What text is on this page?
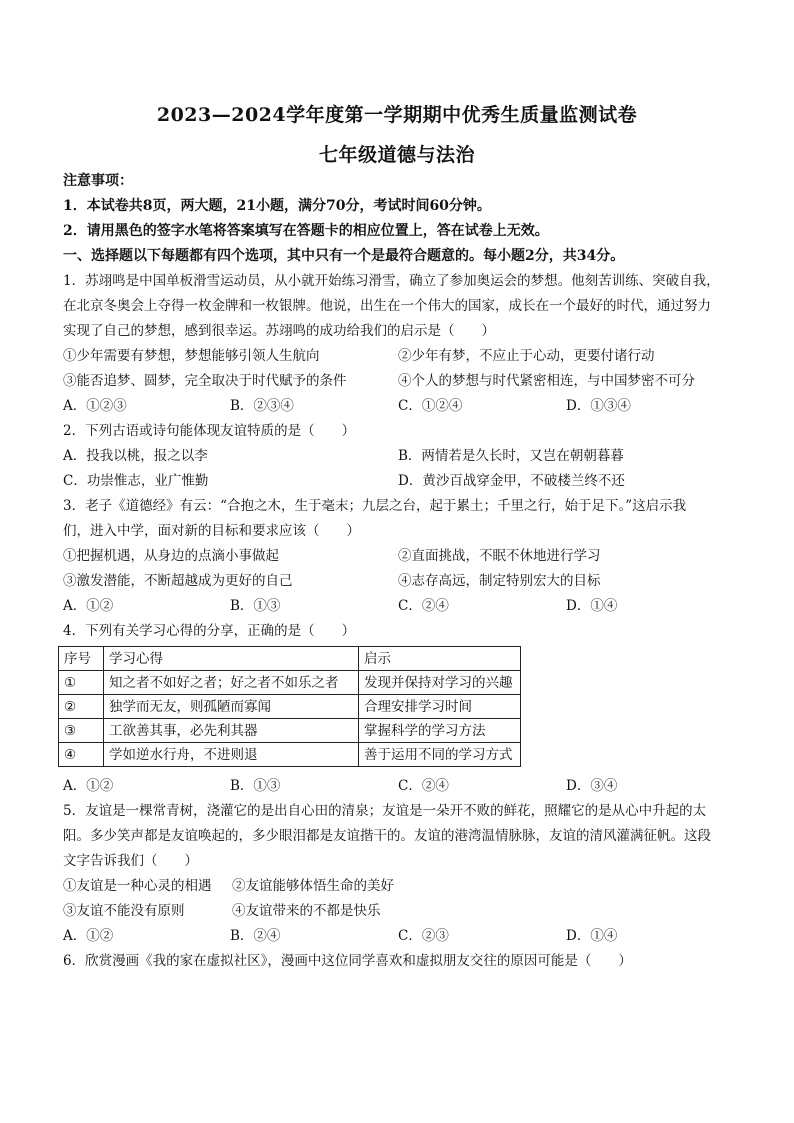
2023—2024学年度第一学期期中优秀生质量监测试卷
七年级道德与法治
注意事项：
1．本试卷共8页，两大题，21小题，满分70分，考试时间60分钟。
2．请用黑色的签字水笔将答案填写在答题卡的相应位置上，答在试卷上无效。
一、选择题以下每题都有四个选项，其中只有一个是最符合题意的。每小题2分，共34分。
1．苏翊鸣是中国单板滑雪运动员，从小就开始练习滑雪，确立了参加奥运会的梦想。他刻苦训练、突破自我，
在北京冬奥会上夺得一枚金牌和一枚银牌。他说，出生在一个伟大的国家，成长在一个最好的时代，通过努力
实现了自己的梦想，感到很幸运。苏翊鸣的成功给我们的启示是（　　）
①少年需要有梦想，梦想能够引领人生航向	②少年有梦，不应止于心动，更要付诸行动
③能否追梦、圆梦，完全取决于时代赋予的条件	④个人的梦想与时代紧密相连，与中国梦密不可分
A．①②③	B．②③④	C．①②④	D．①③④
2．下列古语或诗句能体现友谊特质的是（　　）
A．投我以桃，报之以李	B．两情若是久长时，又岂在朝朝暮暮
C．功崇惟志，业广惟勤	D．黄沙百战穿金甲，不破楼兰终不还
3．老子《道德经》有云：“合抱之木，生于毫末；九层之台，起于累土；千里之行，始于足下。”这启示我
们，进入中学，面对新的目标和要求应该（　　）
①把握机遇，从身边的点滴小事做起	②直面挑战，不眠不休地进行学习
③激发潜能，不断超越成为更好的自己	④志存高远，制定特别宏大的目标
A．①②	B．①③	C．②④	D．①④
4．下列有关学习心得的分享，正确的是（　　）
序号	学习心得	启示
①	知之者不如好之者；好之者不如乐之者	发现并保持对学习的兴趣
②	独学而无友，则孤陋而寡闻	合理安排学习时间
③	工欲善其事，必先利其器	掌握科学的学习方法
④	学如逆水行舟，不进则退	善于运用不同的学习方式
A．①②	B．①③	C．②④	D．③④
5．友谊是一棵常青树，浇灌它的是出自心田的清泉；友谊是一朵开不败的鲜花，照耀它的是从心中升起的太
阳。多少笑声都是友谊唤起的，多少眼泪都是友谊揩干的。友谊的港湾温情脉脉，友谊的清风灌满征帆。这段
文字告诉我们（　　）
①友谊是一种心灵的相遇 ②友谊能够体悟生命的美好
③友谊不能没有原则	④友谊带来的不都是快乐
A．①②	B．②④	C．②③	D．①④
6．欣赏漫画《我的家在虚拟社区》，漫画中这位同学喜欢和虚拟朋友交往的原因可能是（　　）
